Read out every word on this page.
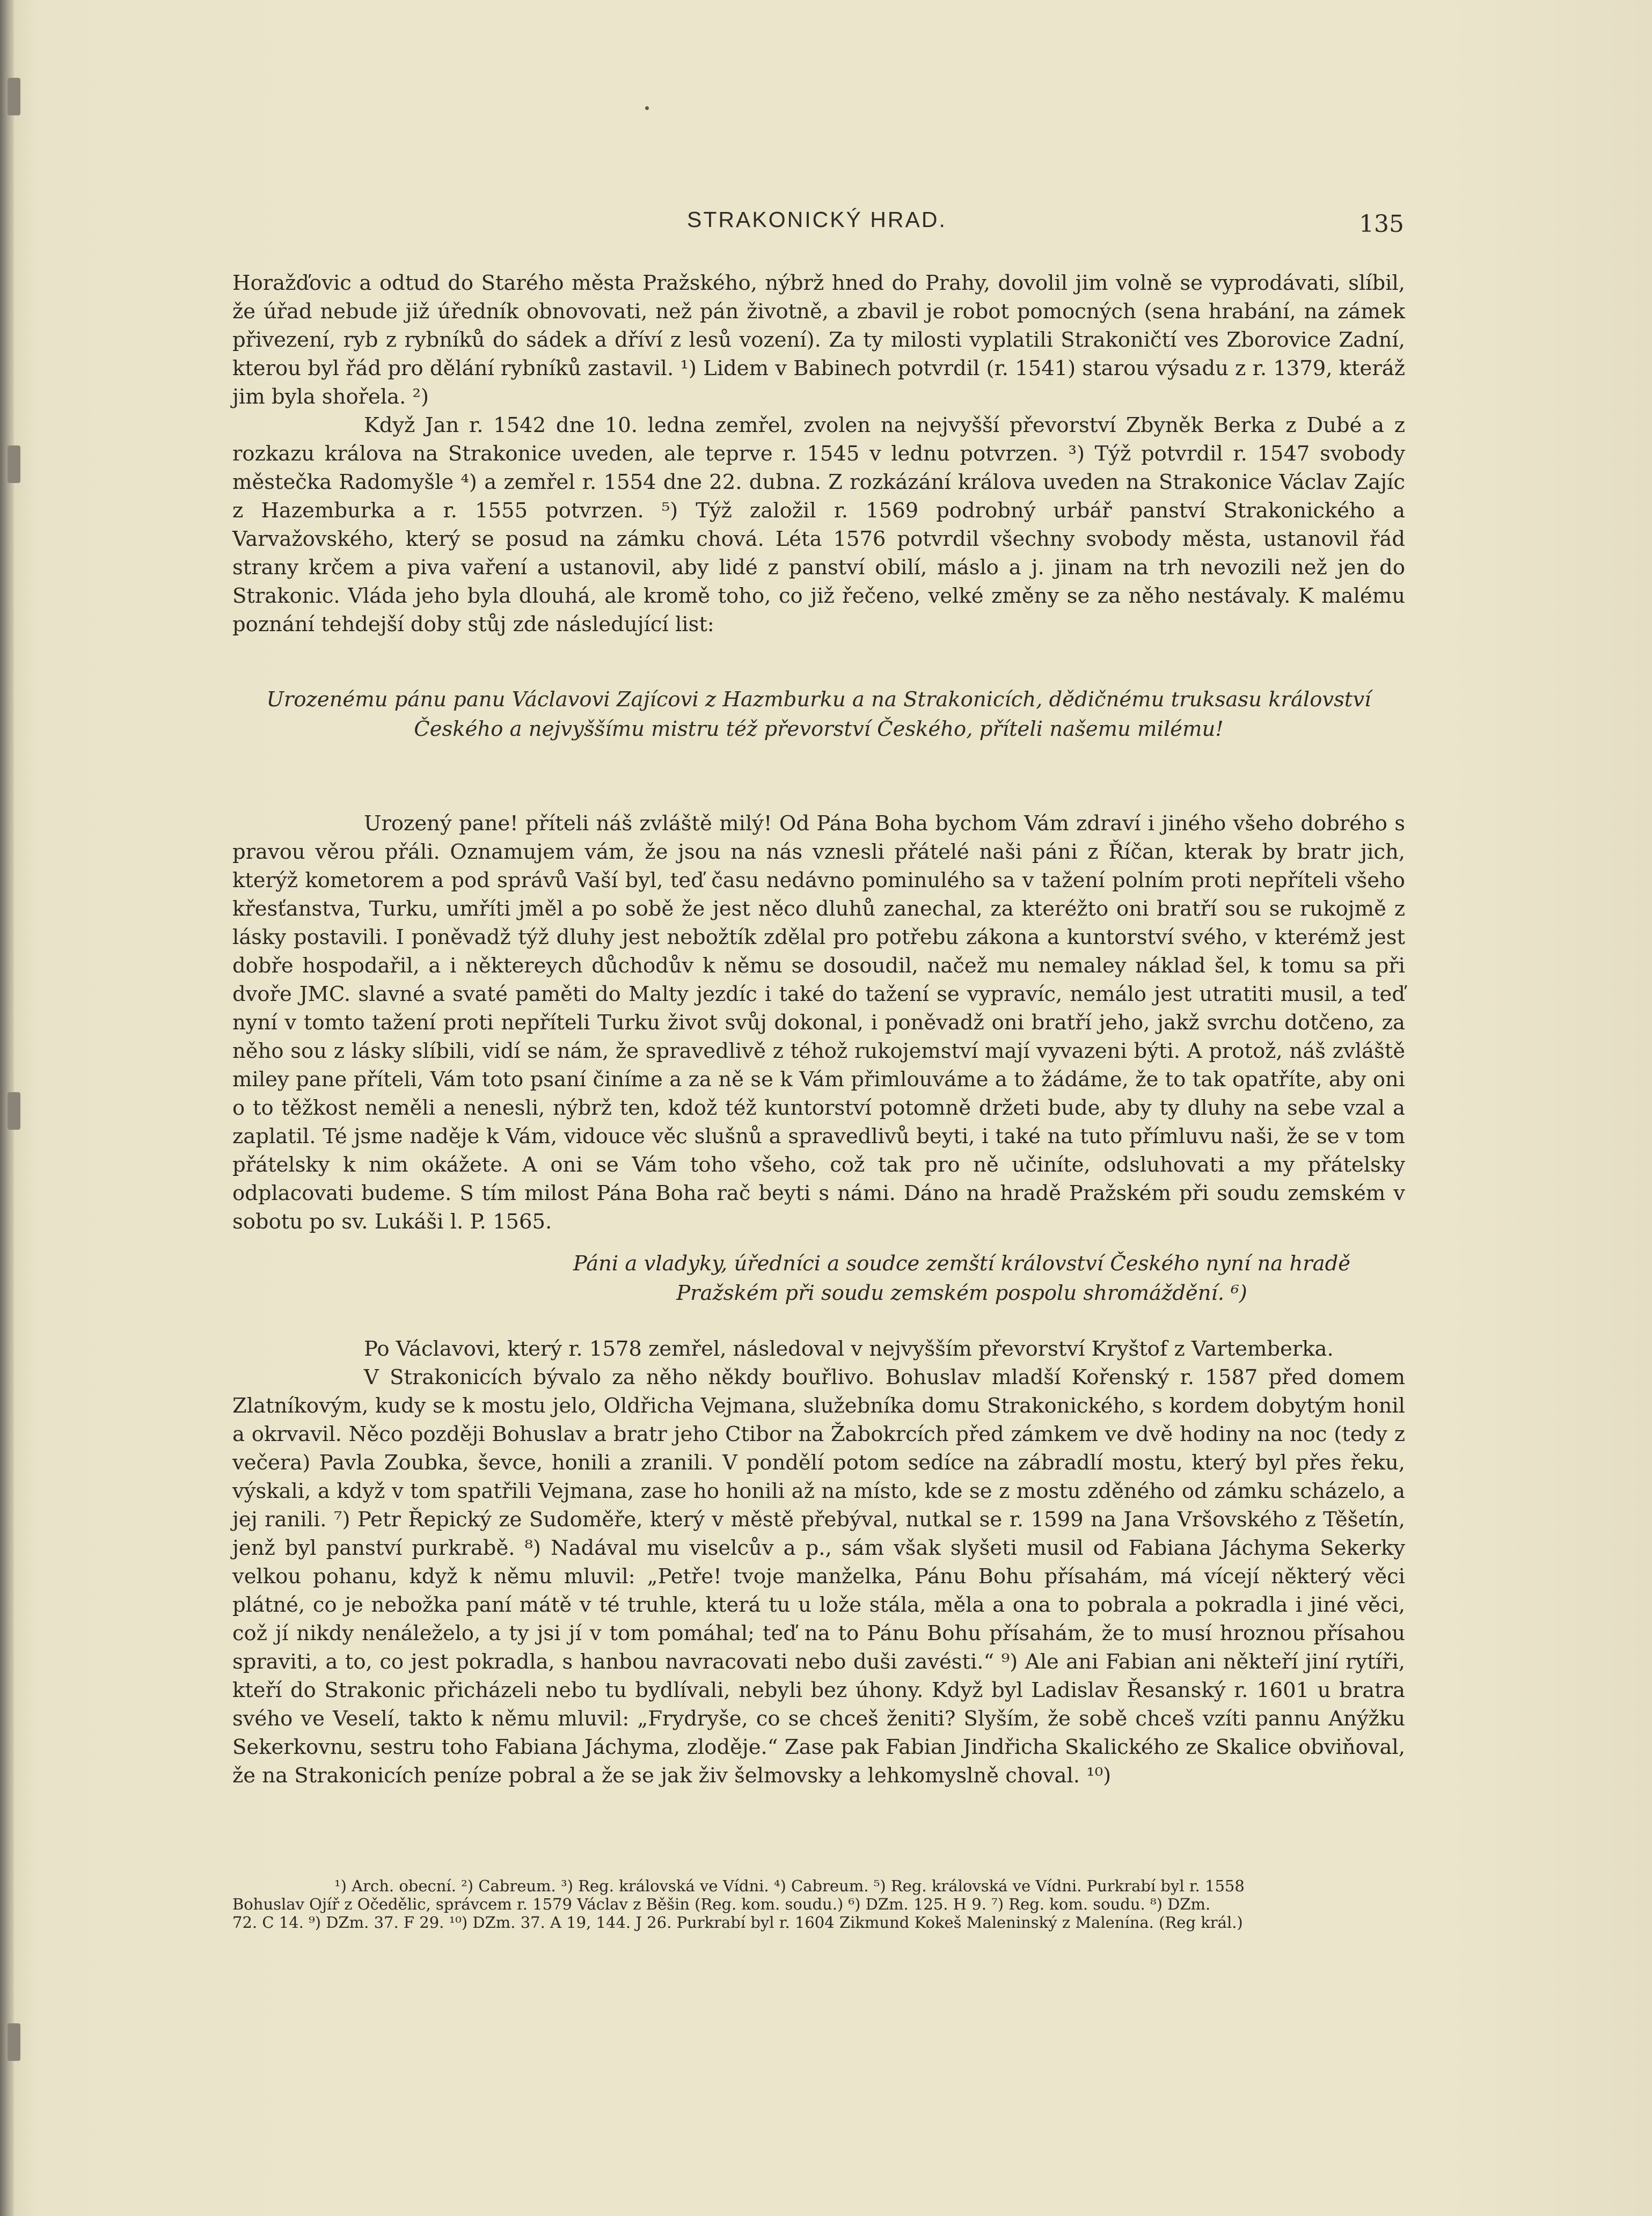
STRAKONICKÝ HRAD.	135

Horažďovic a odtud do Starého města Pražského, nýbrž hned do Prahy, dovolil jim volně se vyprodávati, slíbil, že úřad nebude již úředník obnovovati, než pán životně, a zbavil je robot pomocných (sena hrabání, na zámek přivezení, ryb z rybníků do sádek a dříví z lesů vození). Za ty milosti vyplatili Strakoničtí ves Zborovice Zadní, kterou byl řád pro dělání rybníků zastavil. ¹) Lidem v Babinech potvrdil (r. 1541) starou výsadu z r. 1379, kteráž jim byla shořela. ²)

Když Jan r. 1542 dne 10. ledna zemřel, zvolen na nejvyšší převorství Zbyněk Berka z Dubé a z rozkazu králova na Strakonice uveden, ale teprve r. 1545 v lednu potvrzen. ³) Týž potvrdil r. 1547 svobody městečka Radomyšle ⁴) a zemřel r. 1554 dne 22. dubna. Z rozkázání králova uveden na Strakonice Václav Zajíc z Hazemburka a r. 1555 potvrzen. ⁵) Týž založil r. 1569 podrobný urbář panství Strakonického a Varvažovského, který se posud na zámku chová. Léta 1576 potvrdil všechny svobody města, ustanovil řád strany krčem a piva vaření a ustanovil, aby lidé z panství obilí, máslo a j. jinam na trh nevozili než jen do Strakonic. Vláda jeho byla dlouhá, ale kromě toho, co již řečeno, velké změny se za něho nestávaly. K malému poznání tehdejší doby stůj zde následující list:

Urozenému pánu panu Václavovi Zajícovi z Hazmburku a na Strakonicích, dědičnému truksasu království
Českého a nejvyššímu mistru též převorství Českého, příteli našemu milému!

Urozený pane! příteli náš zvláště milý! Od Pána Boha bychom Vám zdraví i jiného všeho dobrého s pravou věrou přáli. Oznamujem vám, že jsou na nás vznesli přátelé naši páni z Říčan, kterak by bratr jich, kterýž kometorem a pod správů Vaší byl, teď času nedávno pominulého sa v tažení polním proti nepříteli všeho křesťanstva, Turku, umříti jměl a po sobě že jest něco dluhů zanechal, za kteréžto oni bratří sou se rukojmě z lásky postavili. I poněvadž týž dluhy jest nebožtík zdělal pro potřebu zákona a kuntorství svého, v kterémž jest dobře hospodařil, a i některeych důchodův k němu se dosoudil, načež mu nemaley náklad šel, k tomu sa při dvoře JMC. slavné a svaté paměti do Malty jezdíc i také do tažení se vypravíc, nemálo jest utratiti musil, a teď nyní v tomto tažení proti nepříteli Turku život svůj dokonal, i poněvadž oni bratří jeho, jakž svrchu dotčeno, za něho sou z lásky slíbili, vidí se nám, že spravedlivě z téhož rukojemství mají vyvazeni býti. A protož, náš zvláště miley pane příteli, Vám toto psaní činíme a za ně se k Vám přimlouváme a to žádáme, že to tak opatříte, aby oni o to těžkost neměli a nenesli, nýbrž ten, kdož též kuntorství potomně držeti bude, aby ty dluhy na sebe vzal a zaplatil. Té jsme naděje k Vám, vidouce věc slušnů a spravedlivů beyti, i také na tuto přímluvu naši, že se v tom přátelsky k nim okážete. A oni se Vám toho všeho, což tak pro ně učiníte, odsluhovati a my přátelsky odplacovati budeme. S tím milost Pána Boha rač beyti s námi. Dáno na hradě Pražském při soudu zemském v sobotu po sv. Lukáši l. P. 1565.

Páni a vladyky, úředníci a soudce zemští království Českého nyní na hradě
Pražském při soudu zemském pospolu shromáždění. ⁶)

Po Václavovi, který r. 1578 zemřel, následoval v nejvyšším převorství Kryštof z Vartemberka.

V Strakonicích bývalo za něho někdy bouřlivo. Bohuslav mladší Kořenský r. 1587 před domem Zlatníkovým, kudy se k mostu jelo, Oldřicha Vejmana, služebníka domu Strakonického, s kordem dobytým honil a okrvavil. Něco později Bohuslav a bratr jeho Ctibor na Žabokrcích před zámkem ve dvě hodiny na noc (tedy z večera) Pavla Zoubka, ševce, honili a zranili. V pondělí potom sedíce na zábradlí mostu, který byl přes řeku, výskali, a když v tom spatřili Vejmana, zase ho honili až na místo, kde se z mostu zděného od zámku scházelo, a jej ranili. ⁷) Petr Řepický ze Sudoměře, který v městě přebýval, nutkal se r. 1599 na Jana Vršovského z Těšetín, jenž byl panství purkrabě. ⁸) Nadával mu viselcův a p., sám však slyšeti musil od Fabiana Jáchyma Sekerky velkou pohanu, když k němu mluvil: „Petře! tvoje manželka, Pánu Bohu přísahám, má vícejí některý věci plátné, co je nebožka paní mátě v té truhle, která tu u lože stála, měla a ona to pobrala a pokradla i jiné věci, což jí nikdy nenáleželo, a ty jsi jí v tom pomáhal; teď na to Pánu Bohu přísahám, že to musí hroznou přísahou spraviti, a to, co jest pokradla, s hanbou navracovati nebo duši zavésti.“ ⁹) Ale ani Fabian ani někteří jiní rytíři, kteří do Strakonic přicházeli nebo tu bydlívali, nebyli bez úhony. Když byl Ladislav Řesanský r. 1601 u bratra svého ve Veselí, takto k němu mluvil: „Frydryše, co se chceš ženiti? Slyším, že sobě chceš vzíti pannu Anýžku Sekerkovnu, sestru toho Fabiana Jáchyma, zloděje.“ Zase pak Fabian Jindřicha Skalického ze Skalice obviňoval, že na Strakonicích peníze pobral a že se jak živ šelmovsky a lehkomyslně choval. ¹⁰)

¹) Arch. obecní. ²) Cabreum. ³) Reg. královská ve Vídni. ⁴) Cabreum. ⁵) Reg. královská ve Vídni. Purkrabí byl r. 1558
Bohuslav Ojíř z Očedělic, správcem r. 1579 Václav z Běšin (Reg. kom. soudu.) ⁶) DZm. 125. H 9. ⁷) Reg. kom. soudu. ⁸) DZm.
72. C 14. ⁹) DZm. 37. F 29. ¹⁰) DZm. 37. A 19, 144. J 26. Purkrabí byl r. 1604 Zikmund Kokeš Maleninský z Malenína. (Reg král.)
